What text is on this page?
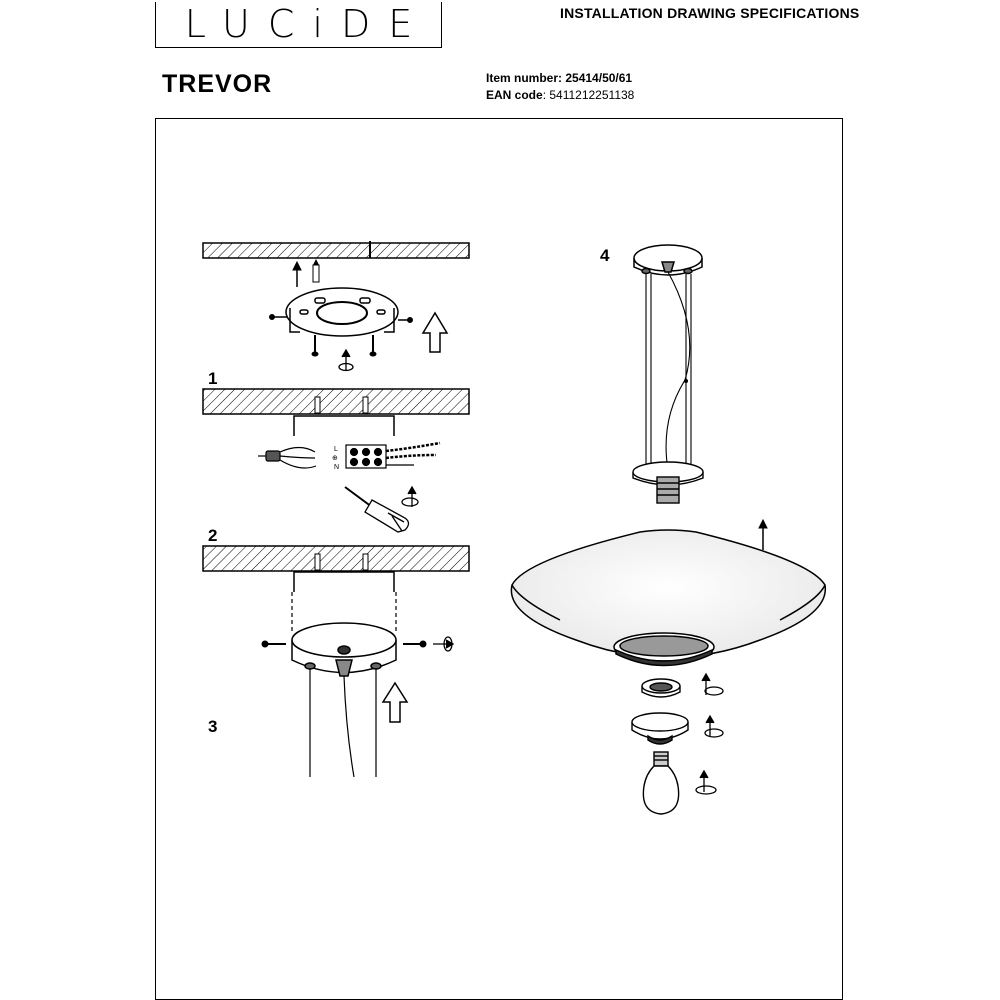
LUCiDE	INSTALLATION DRAWING SPECIFICATIONS
TREVOR	Item number: 25414/50/61
EAN code: 5411212251138
L
⊕
N
1
2
3
4
